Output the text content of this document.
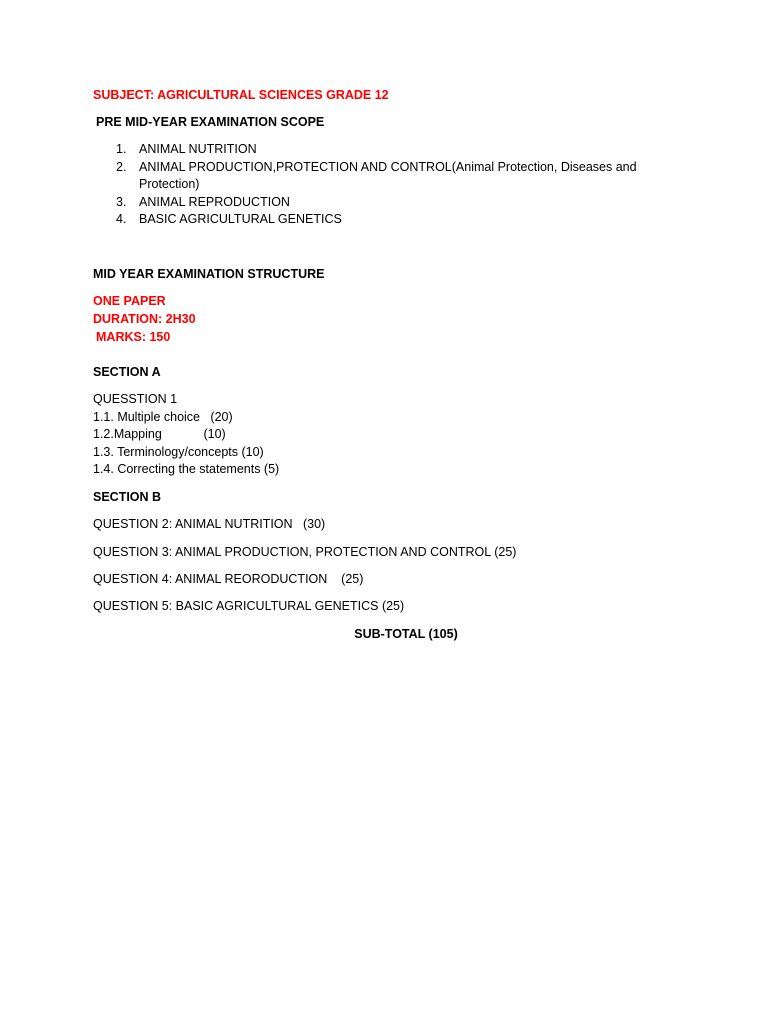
SUBJECT: AGRICULTURAL SCIENCES GRADE 12
PRE MID-YEAR EXAMINATION SCOPE
1. ANIMAL NUTRITION
2. ANIMAL PRODUCTION,PROTECTION AND CONTROL(Animal Protection, Diseases and
Protection)
3. ANIMAL REPRODUCTION
4. BASIC AGRICULTURAL GENETICS
MID YEAR EXAMINATION STRUCTURE
ONE PAPER
DURATION: 2H30
MARKS: 150
SECTION A
QUESSTION 1
1.1. Multiple choice   (20)
1.2.Mapping            (10)
1.3. Terminology/concepts (10)
1.4. Correcting the statements (5)
SECTION B
QUESTION 2: ANIMAL NUTRITION   (30)
QUESTION 3: ANIMAL PRODUCTION, PROTECTION AND CONTROL (25)
QUESTION 4: ANIMAL REORODUCTION    (25)
QUESTION 5: BASIC AGRICULTURAL GENETICS (25)
SUB-TOTAL (105)
